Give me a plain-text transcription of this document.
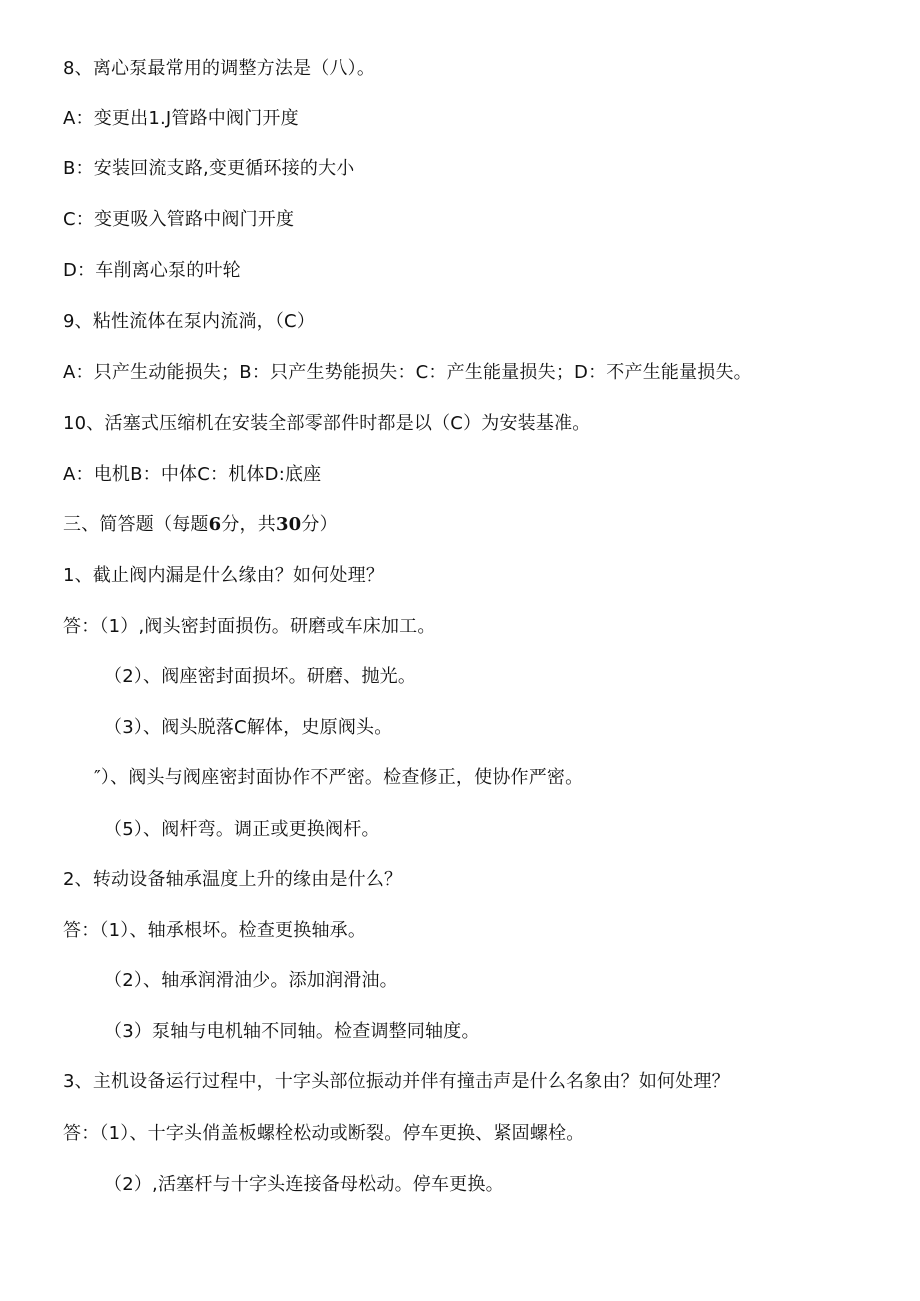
8、离心泵最常用的调整方法是（八）。
A：变更出1.J管路中阀门开度
B：安装回流支路,变更循环接的大小
C：变更吸入管路中阀门开度
D：车削离心泵的叶轮
9、粘性流体在泵内流淌，（C）
A：只产生动能损失；B：只产生势能损失：C：产生能量损失；D：不产生能量损失。
10、活塞式压缩机在安装全部零部件时都是以（C）为安装基准。
A：电机B：中体C：机体D:底座
三、简答题（每题6分，共30分）
1、截止阀内漏是什么缘由？如何处理？
答：（1）,阀头密封面损伤。研磨或车床加工。
（2）、阀座密封面损坏。研磨、抛光。
（3）、阀头脱落C解体，史原阀头。
″）、阀头与阀座密封面协作不严密。检查修正，使协作严密。
（5）、阀杆弯。调正或更换阀杆。
2、转动设备轴承温度上升的缘由是什么？
答：（1）、轴承根坏。检查更换轴承。
（2）、轴承润滑油少。添加润滑油。
（3）泵轴与电机轴不同轴。检查调整同轴度。
3、主机设备运行过程中，十字头部位振动并伴有撞击声是什么名象由？如何处理？
答：（1）、十字头俏盖板螺栓松动或断裂。停车更换、紧固螺栓。
（2）,活塞杆与十字头连接备母松动。停车更换。
